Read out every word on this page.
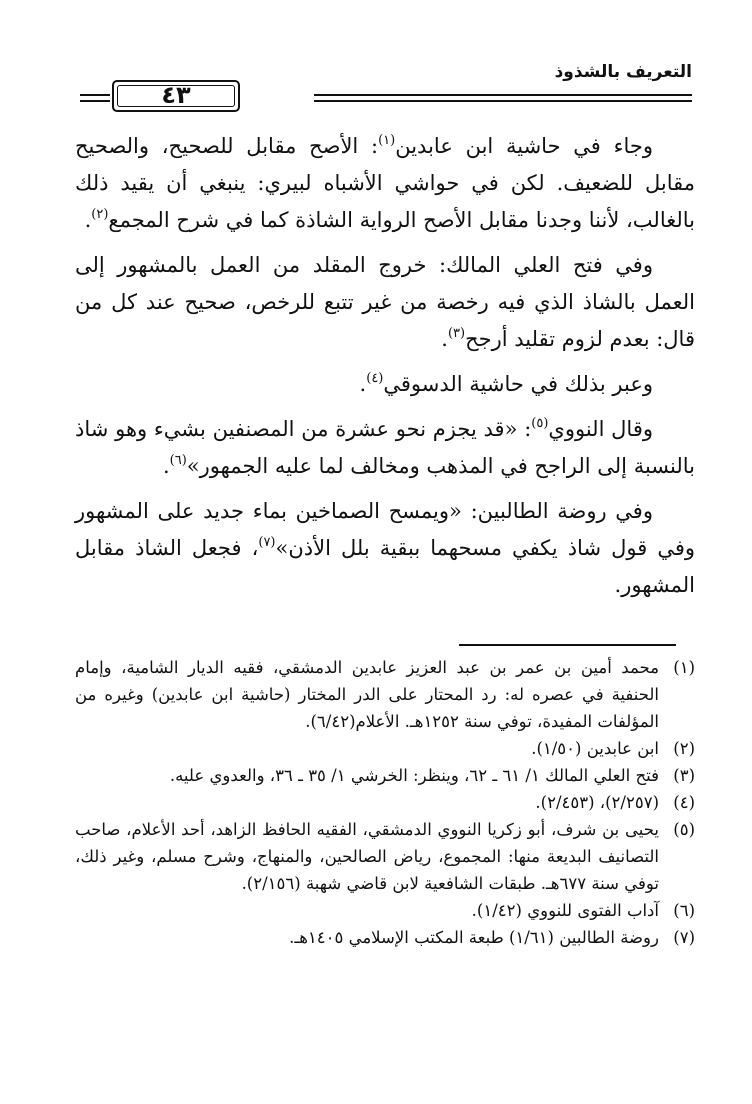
٤٣
التعريف بالشذوذ

وجاء في حاشية ابن عابدين$^{(١)}$: الأصح مقابل للصحيح، والصحيح مقابل للضعيف. لكن في حواشي الأشباه لبيري: ينبغي أن يقيد ذلك بالغالب، لأننا وجدنا مقابل الأصح الرواية الشاذة كما في شرح المجمع$^{(٢)}$.

وفي فتح العلي المالك: خروج المقلد من العمل بالمشهور إلى العمل بالشاذ الذي فيه رخصة من غير تتبع للرخص، صحيح عند كل من قال: بعدم لزوم تقليد أرجح$^{(٣)}$.

وعبر بذلك في حاشية الدسوقي$^{(٤)}$.

وقال النووي$^{(٥)}$: «قد يجزم نحو عشرة من المصنفين بشيء وهو شاذ بالنسبة إلى الراجح في المذهب ومخالف لما عليه الجمهور»$^{(٦)}$.

وفي روضة الطالبين: «ويمسح الصماخين بماء جديد على المشهور وفي قول شاذ يكفي مسحهما ببقية بلل الأذن»$^{(٧)}$، فجعل الشاذ مقابل المشهور.

(١)
محمد أمين بن عمر بن عبد العزيز عابدين الدمشقي، فقيه الديار الشامية، وإمام الحنفية في عصره له: رد المحتار على الدر المختار (حاشية ابن عابدين) وغيره من المؤلفات المفيدة، توفي سنة ١٢٥٢هـ. الأعلام(٦/٤٢).
(٢)
ابن عابدين (١/٥٠).
(٣)
فتح العلي المالك ١/ ٦١ ـ ٦٢، وينظر: الخرشي ١/ ٣٥ ـ ٣٦، والعدوي عليه.
(٤)
(٢/٢٥٧)، (٢/٤٥٣).
(٥)
يحيى بن شرف، أبو زكريا النووي الدمشقي، الفقيه الحافظ الزاهد، أحد الأعلام، صاحب التصانيف البديعة منها: المجموع، رياض الصالحين، والمنهاج، وشرح مسلم، وغير ذلك، توفي سنة ٦٧٧هـ. طبقات الشافعية لابن قاضي شهبة (٢/١٥٦).
(٦)
آداب الفتوى للنووي (١/٤٢).
(٧)
روضة الطالبين (١/٦١) طبعة المكتب الإسلامي ١٤٠٥هـ.
